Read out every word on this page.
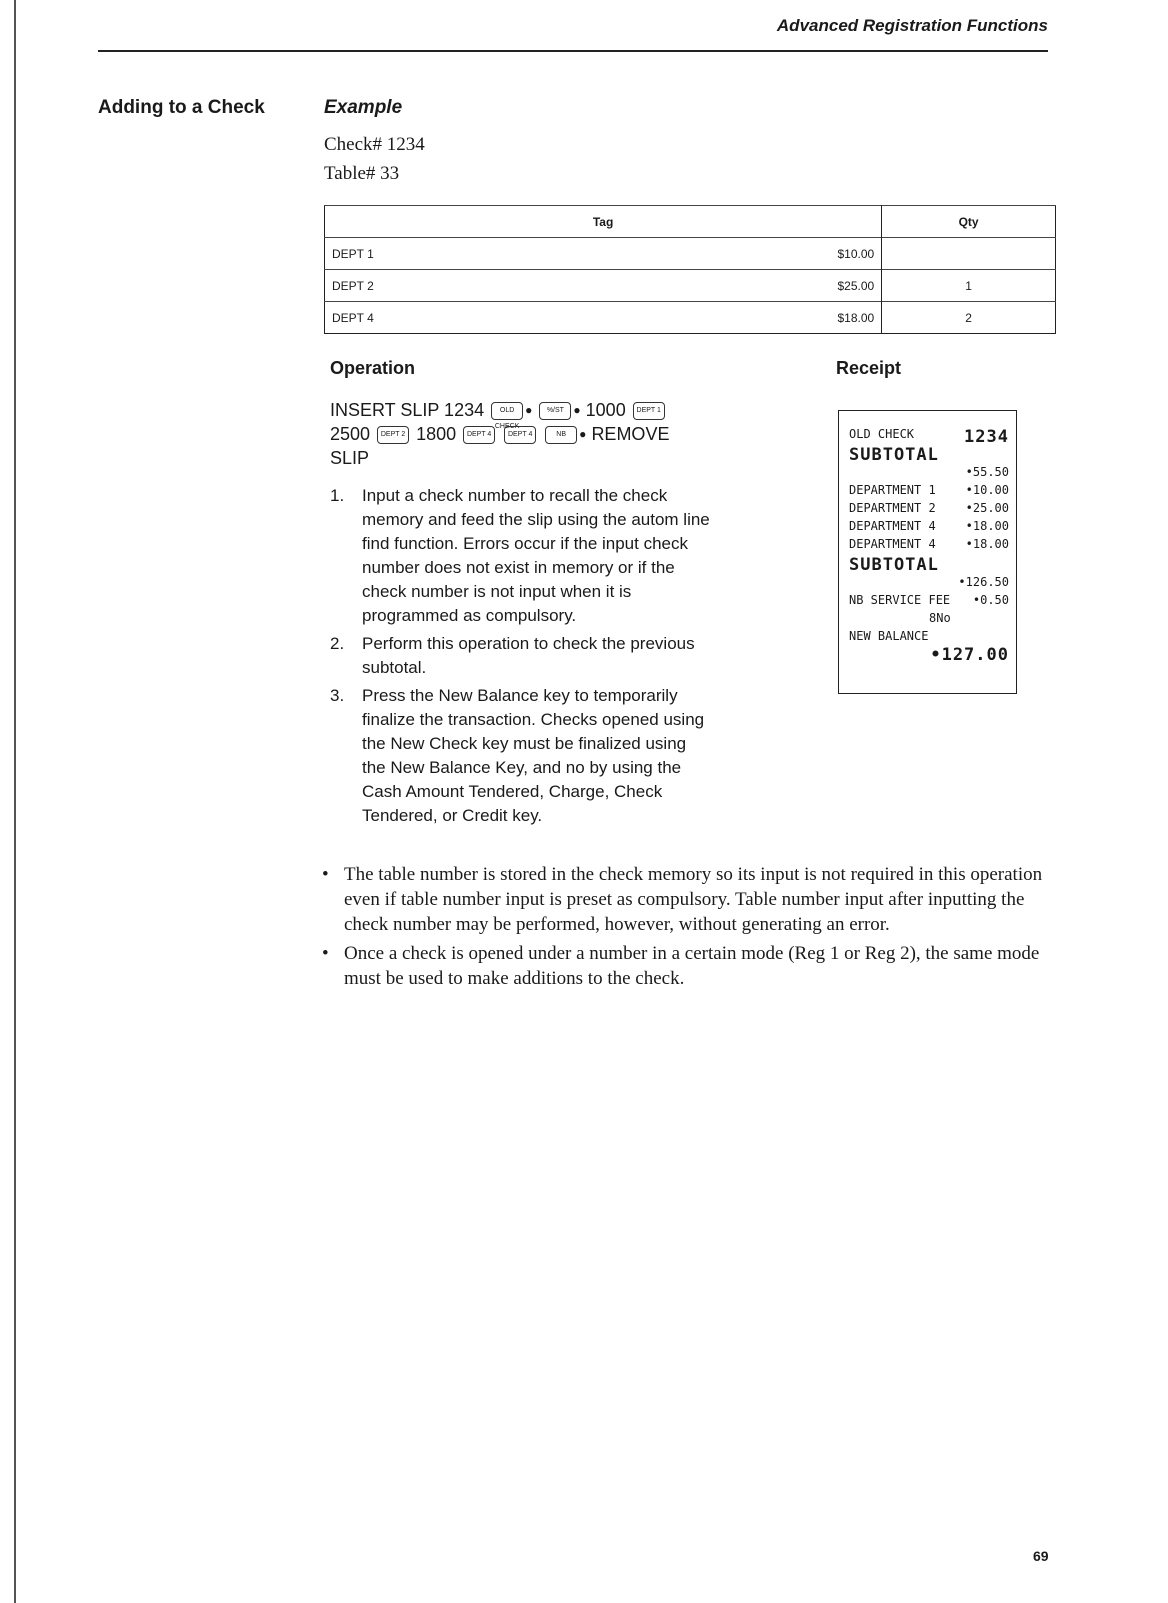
Advanced Registration Functions
Adding to a Check	Example
Check# 1234
Table# 33
Tag		Qty
DEPT 1	$10.00	
DEPT 2	$25.00	1
DEPT 4	$18.00	2
Operation	Receipt
INSERT SLIP 1234 OLD CHECK● %/ST ● 1000 DEPT 1
2500 DEPT 2 1800 DEPT 4 DEPT 4	NB ● REMOVE SLIP
1. Input a check number to recall the check memory and feed the slip using the autom line find function. Errors occur if the input check number does not exist in memory or if the check number is not input when it is programmed as compulsory.
2. Perform this operation to check the previous subtotal.
3. Press the New Balance key to temporarily finalize the transaction. Checks opened using the New Check key must be finalized using the New Balance Key, and no by using the Cash Amount Tendered, Charge, Check Tendered, or Credit key.
OLD CHECK	1234
SUBTOTAL
•55.50
DEPARTMENT 1 •10.00
DEPARTMENT 2 •25.00
DEPARTMENT 4 •18.00
DEPARTMENT 4 •18.00
SUBTOTAL
•126.50
NB SERVICE FEE •0.50
8No
NEW BALANCE
•127.00
• The table number is stored in the check memory so its input is not required in this operation even if table number input is preset as compulsory. Table number input after inputting the check number may be performed, however, without generating an error.
• Once a check is opened under a number in a certain mode (Reg 1 or Reg 2), the same mode must be used to make additions to the check.
69
